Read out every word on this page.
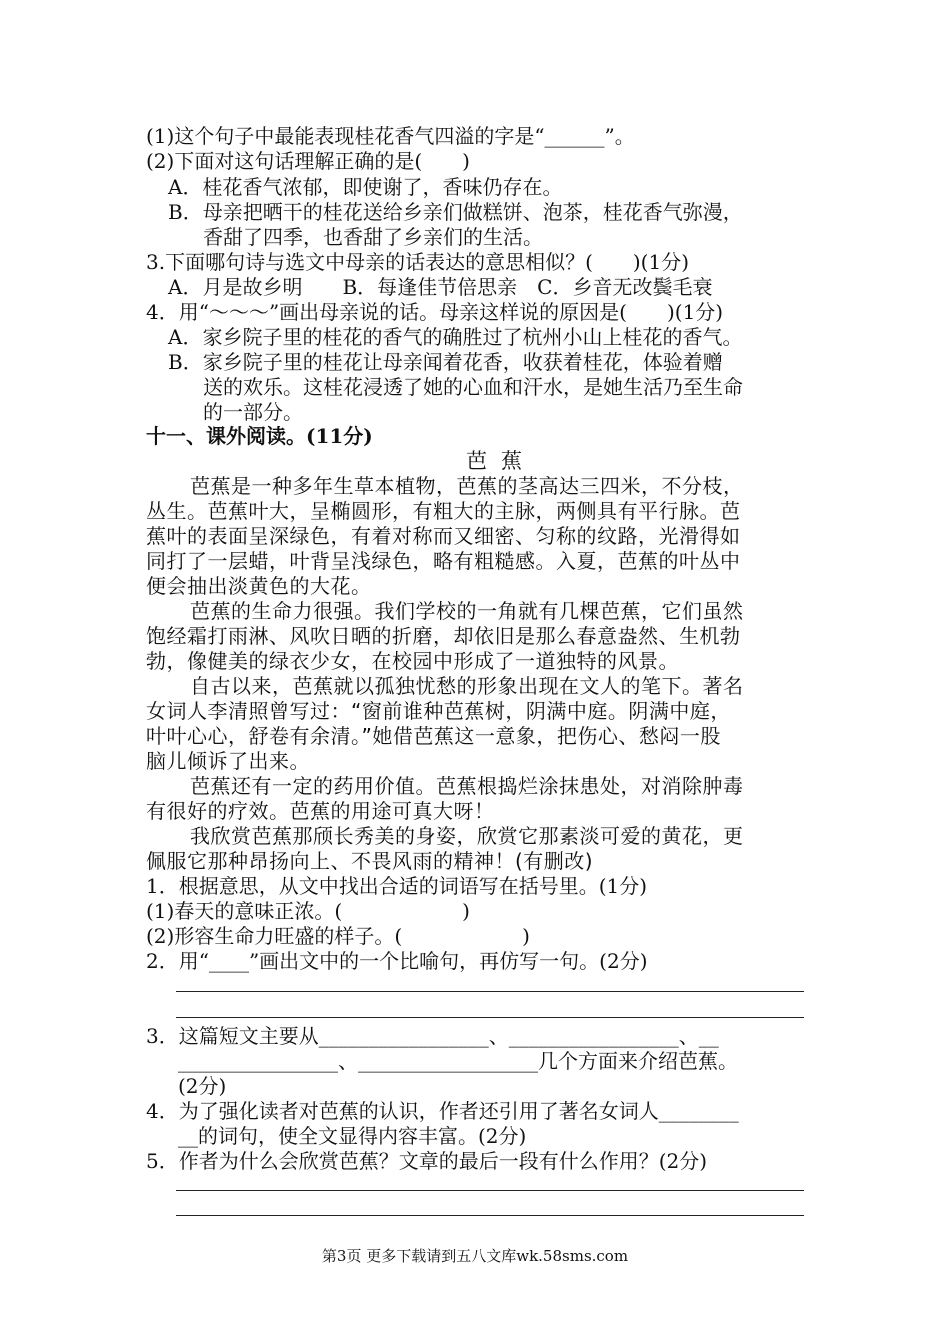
(1)这个句子中最能表现桂花香气四溢的字是“______”。
(2)下面对这句话理解正确的是(　　)
A．桂花香气浓郁，即使谢了，香味仍存在。
B．母亲把晒干的桂花送给乡亲们做糕饼、泡茶，桂花香气弥漫，
香甜了四季，也香甜了乡亲们的生活。
3.下面哪句诗与选文中母亲的话表达的意思相似？(　　)(1分)
A．月是故乡明　　B．每逢佳节倍思亲　C．乡音无改鬓毛衰
4．用“～～～”画出母亲说的话。母亲这样说的原因是(　　)(1分)
A．家乡院子里的桂花的香气的确胜过了杭州小山上桂花的香气。
B．家乡院子里的桂花让母亲闻着花香，收获着桂花，体验着赠
送的欢乐。这桂花浸透了她的心血和汗水，是她生活乃至生命
的一部分。
十一、课外阅读。(11分)
芭蕉
芭蕉是一种多年生草本植物，芭蕉的茎高达三四米，不分枝，
丛生。芭蕉叶大，呈椭圆形，有粗大的主脉，两侧具有平行脉。芭
蕉叶的表面呈深绿色，有着对称而又细密、匀称的纹路，光滑得如
同打了一层蜡，叶背呈浅绿色，略有粗糙感。入夏，芭蕉的叶丛中
便会抽出淡黄色的大花。
芭蕉的生命力很强。我们学校的一角就有几棵芭蕉，它们虽然
饱经霜打雨淋、风吹日晒的折磨，却依旧是那么春意盎然、生机勃
勃，像健美的绿衣少女，在校园中形成了一道独特的风景。
自古以来，芭蕉就以孤独忧愁的形象出现在文人的笔下。著名
女词人李清照曾写过：“窗前谁种芭蕉树，阴满中庭。阴满中庭，
叶叶心心，舒卷有余清。”她借芭蕉这一意象，把伤心、愁闷一股
脑儿倾诉了出来。
芭蕉还有一定的药用价值。芭蕉根捣烂涂抹患处，对消除肿毒
有很好的疗效。芭蕉的用途可真大呀！
我欣赏芭蕉那颀长秀美的身姿，欣赏它那素淡可爱的黄花，更
佩服它那种昂扬向上、不畏风雨的精神！(有删改)
1．根据意思，从文中找出合适的词语写在括号里。(1分)
(1)春天的意味正浓。(　　　　　　)
(2)形容生命力旺盛的样子。(　　　　　　)
2．用“____”画出文中的一个比喻句，再仿写一句。(2分)
3．这篇短文主要从_________________、_________________、__
________________、__________________几个方面来介绍芭蕉。
(2分)
4．为了强化读者对芭蕉的认识，作者还引用了著名女词人________
__的词句，使全文显得内容丰富。(2分)
5．作者为什么会欣赏芭蕉？文章的最后一段有什么作用？(2分)
第3页 更多下载请到五八文库wk.58sms.com
